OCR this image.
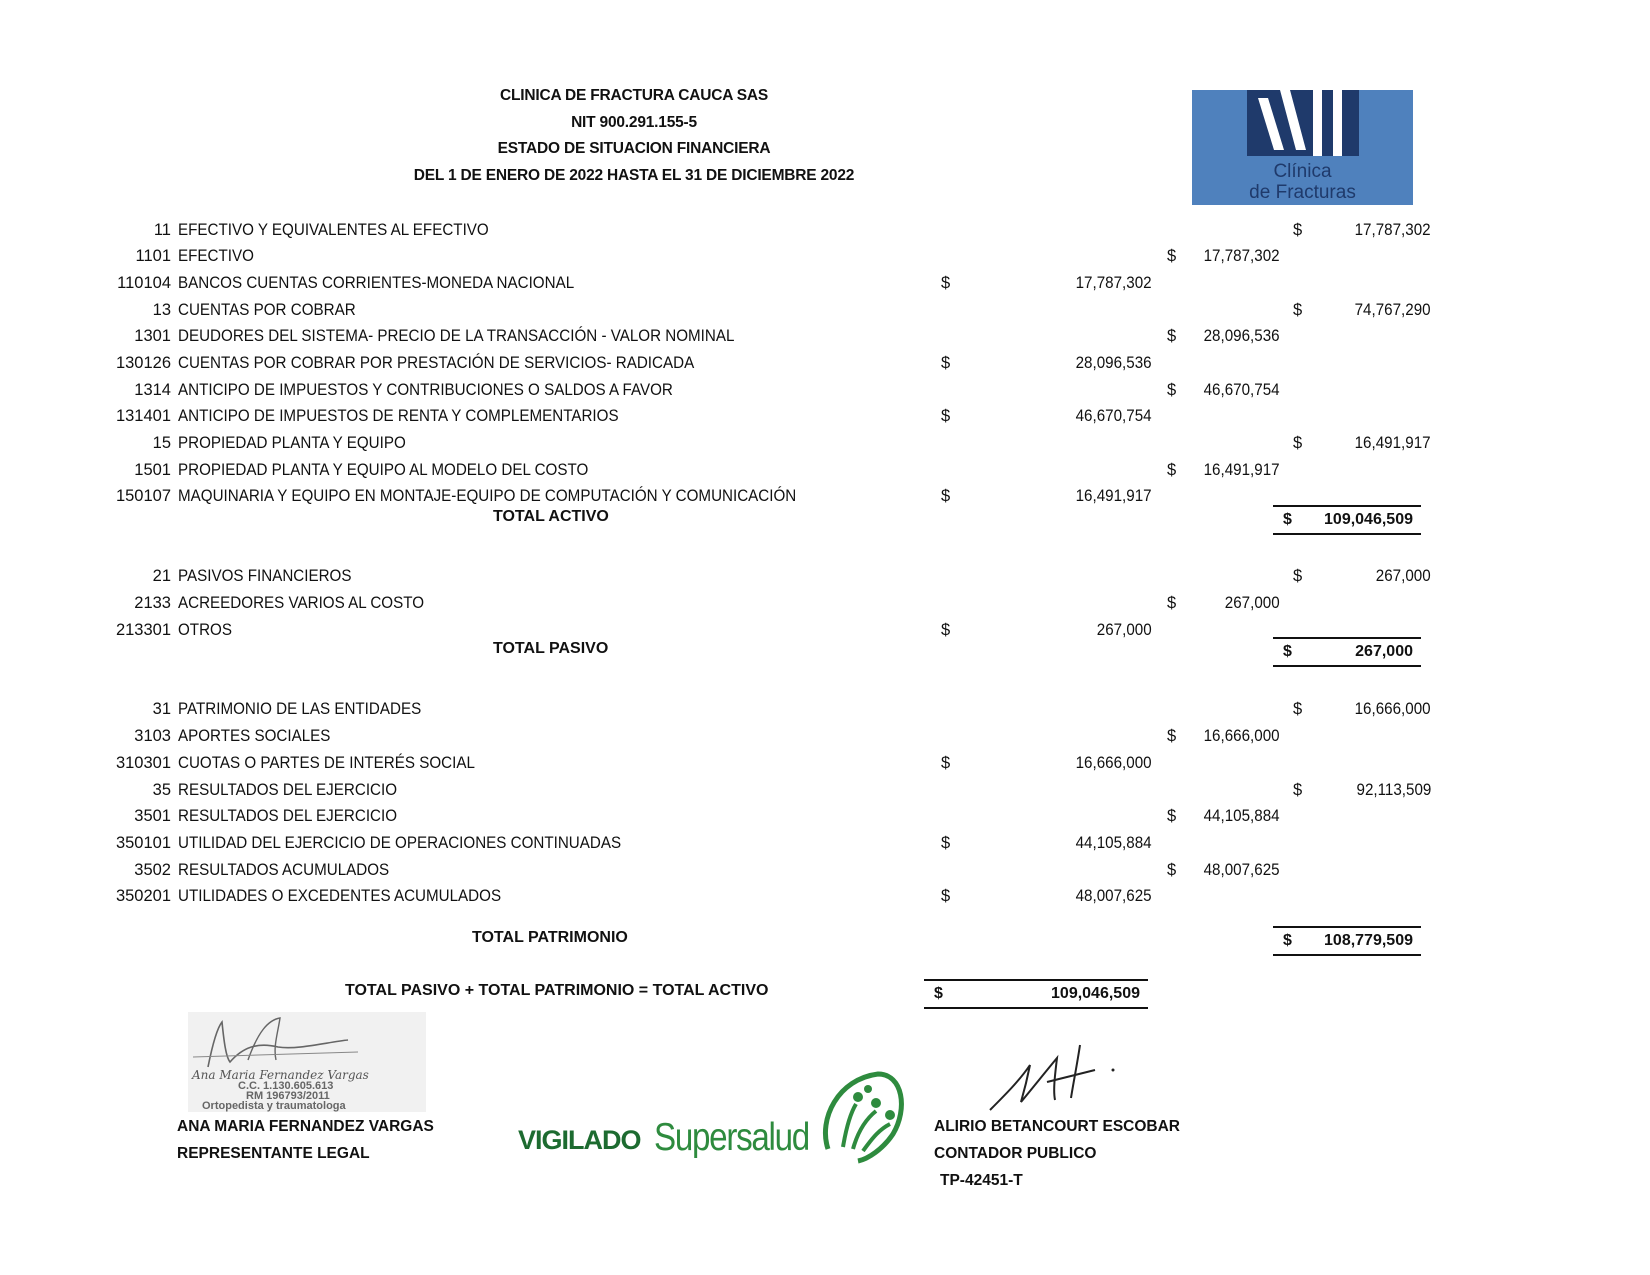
CLINICA DE FRACTURA CAUCA SAS
NIT 900.291.155-5
ESTADO DE SITUACION FINANCIERA
DEL 1 DE ENERO DE 2022 HASTA EL 31 DE DICIEMBRE 2022	Clínica
de Fracturas
11 EFECTIVO Y EQUIVALENTES AL EFECTIVO	$	17,787,302
1101 EFECTIVO	$ 17,787,302
110104 BANCOS CUENTAS CORRIENTES-MONEDA NACIONAL	$	17,787,302
13 CUENTAS POR COBRAR	$	74,767,290
1301 DEUDORES DEL SISTEMA- PRECIO DE LA TRANSACCIÓN - VALOR NOMINAL	$ 28,096,536
130126 CUENTAS POR COBRAR POR PRESTACIÓN DE SERVICIOS- RADICADA	$	28,096,536
1314 ANTICIPO DE IMPUESTOS Y CONTRIBUCIONES O SALDOS A FAVOR	$ 46,670,754
131401 ANTICIPO DE IMPUESTOS DE RENTA Y COMPLEMENTARIOS	$	46,670,754
15 PROPIEDAD PLANTA Y EQUIPO	$	16,491,917
1501 PROPIEDAD PLANTA Y EQUIPO AL MODELO DEL COSTO	$ 16,491,917
150107 MAQUINARIA Y EQUIPO EN MONTAJE-EQUIPO DE COMPUTACIÓN Y COMUNICACIÓN	$	16,491,917
21 PASIVOS FINANCIEROS	$	267,000
2133 ACREEDORES VARIOS AL COSTO	$	267,000
213301 OTROS	$	267,000
31 PATRIMONIO DE LAS ENTIDADES	$	16,666,000
3103 APORTES SOCIALES	$ 16,666,000
310301 CUOTAS O PARTES DE INTERÉS SOCIAL	$	16,666,000
35 RESULTADOS DEL EJERCICIO	$	92,113,509
3501 RESULTADOS DEL EJERCICIO	$ 44,105,884
350101 UTILIDAD DEL EJERCICIO DE OPERACIONES CONTINUADAS	$	44,105,884
3502 RESULTADOS ACUMULADOS	$ 48,007,625
350201 UTILIDADES O EXCEDENTES ACUMULADOS	$	48,007,625
TOTAL ACTIVO	$ 109,046,509
TOTAL PASIVO	$	267,000
TOTAL PATRIMONIO	$ 108,779,509
TOTAL PASIVO + TOTAL PATRIMONIO = TOTAL ACTIVO	$	109,046,509
Ana Maria Fernandez Vargas
C.C. 1.130.605.613
RM 196793/2011
Ortopedista y traumatologa
ANA MARIA FERNANDEZ VARGAS
REPRESENTANTE LEGAL	VIGILADO Supersalud	ALIRIO BETANCOURT ESCOBAR
CONTADOR PUBLICO
TP-42451-T
